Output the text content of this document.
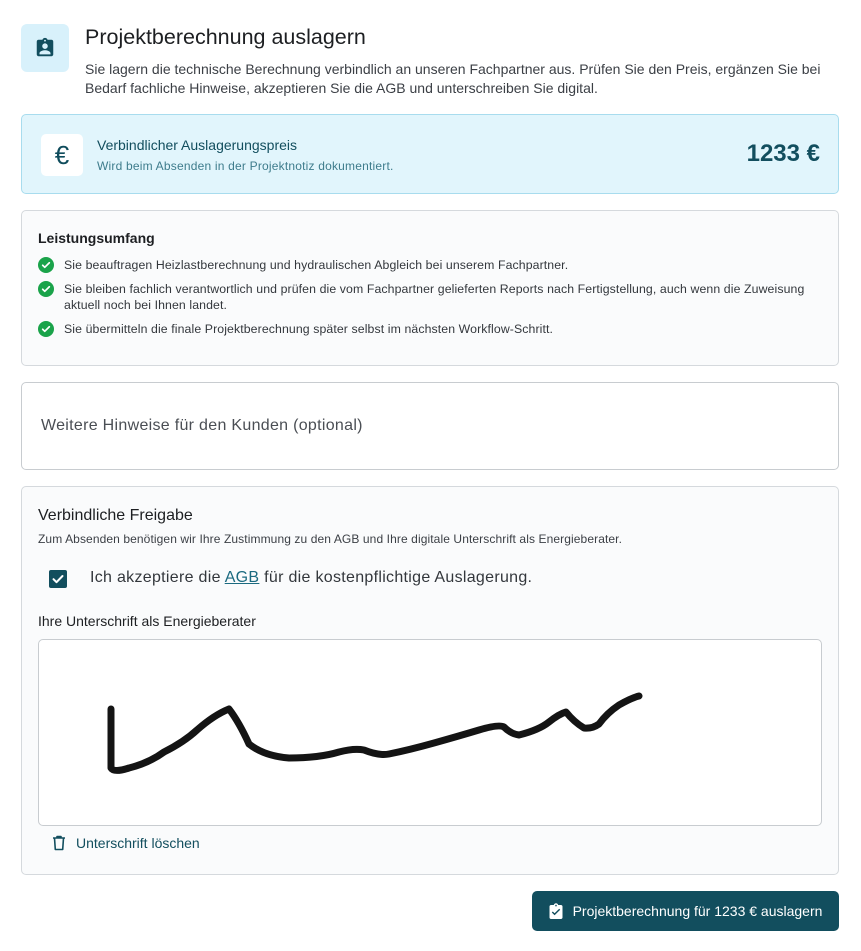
Projektberechnung auslagern
Sie lagern die technische Berechnung verbindlich an unseren Fachpartner aus. Prüfen Sie den Preis, ergänzen Sie bei Bedarf fachliche Hinweise, akzeptieren Sie die AGB und unterschreiben Sie digital.
€	Verbindlicher Auslagerungspreis
Wird beim Absenden in der Projektnotiz dokumentiert.	1233 €
Leistungsumfang
Sie beauftragen Heizlastberechnung und hydraulischen Abgleich bei unserem Fachpartner.
Sie bleiben fachlich verantwortlich und prüfen die vom Fachpartner gelieferten Reports nach Fertigstellung, auch wenn die Zuweisung aktuell noch bei Ihnen landet.
Sie übermitteln die finale Projektberechnung später selbst im nächsten Workflow-Schritt.
Weitere Hinweise für den Kunden (optional)
Verbindliche Freigabe
Zum Absenden benötigen wir Ihre Zustimmung zu den AGB und Ihre digitale Unterschrift als Energieberater.
Ich akzeptiere die AGB für die kostenpflichtige Auslagerung.
Ihre Unterschrift als Energieberater
Unterschrift löschen
Projektberechnung für 1233 € auslagern
